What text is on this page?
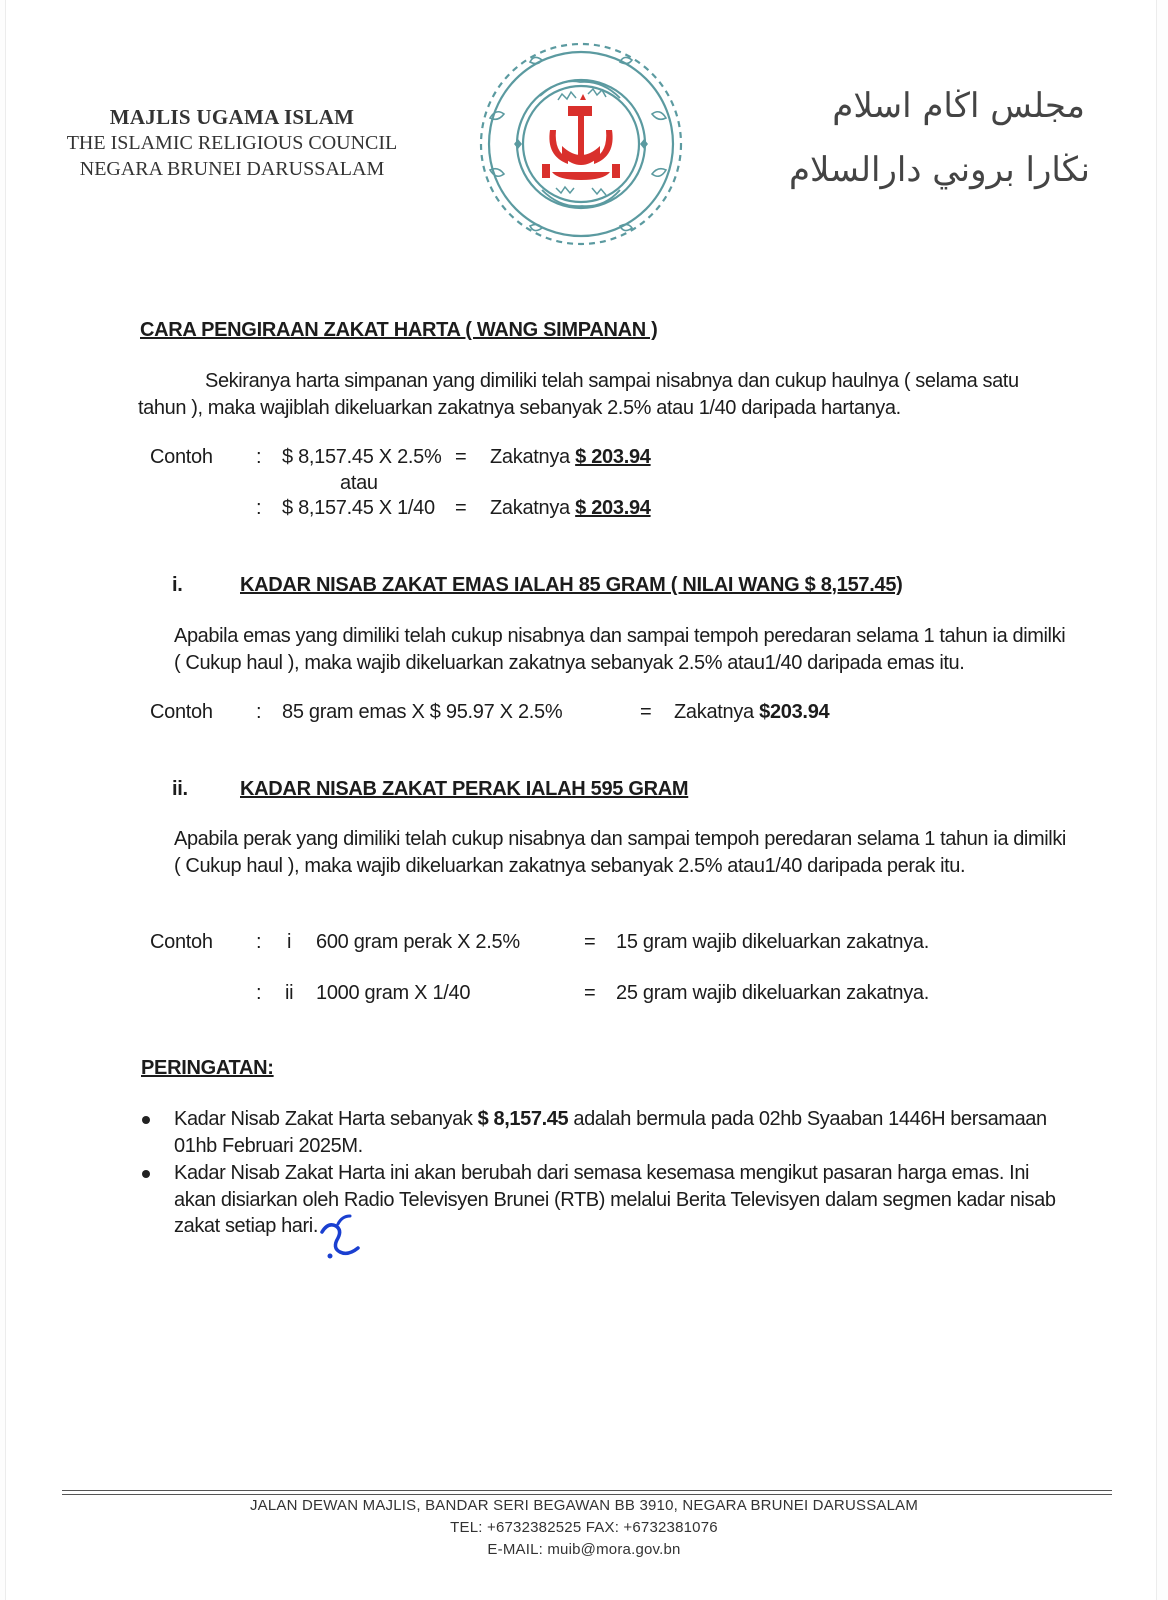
MAJLIS UGAMA ISLAM
THE ISLAMIC RELIGIOUS COUNCIL
NEGARA BRUNEI DARUSSALAM
مجلس اڬام اسلام
نڬارا بروني دارالسلام
CARA PENGIRAAN ZAKAT HARTA ( WANG SIMPANAN )
Sekiranya harta simpanan yang dimiliki telah sampai nisabnya dan cukup haulnya ( selama satu
tahun ), maka wajiblah dikeluarkan zakatnya sebanyak 2.5% atau 1/40 daripada hartanya.
Contoh : $ 8,157.45 X 2.5% = Zakatnya $ 203.94
atau
: $ 8,157.45 X 1/40 = Zakatnya $ 203.94
i.	KADAR NISAB ZAKAT EMAS IALAH 85 GRAM ( NILAI WANG $ 8,157.45)
Apabila emas yang dimiliki telah cukup nisabnya dan sampai tempoh peredaran selama 1 tahun ia dimilki
( Cukup haul ), maka wajib dikeluarkan zakatnya sebanyak 2.5% atau1/40 daripada emas itu.
Contoh : 85 gram emas X $ 95.97 X 2.5%	= Zakatnya $203.94
ii.	KADAR NISAB ZAKAT PERAK IALAH 595 GRAM
Apabila perak yang dimiliki telah cukup nisabnya dan sampai tempoh peredaran selama 1 tahun ia dimilki
( Cukup haul ), maka wajib dikeluarkan zakatnya sebanyak 2.5% atau1/40 daripada perak itu.
Contoh : i 600 gram perak X 2.5%	= 15 gram wajib dikeluarkan zakatnya.
: ii 1000 gram X 1/40	= 25 gram wajib dikeluarkan zakatnya.
PERINGATAN:
Kadar Nisab Zakat Harta sebanyak $ 8,157.45 adalah bermula pada 02hb Syaaban 1446H bersamaan
01hb Februari 2025M.
Kadar Nisab Zakat Harta ini akan berubah dari semasa kesemasa mengikut pasaran harga emas. Ini
akan disiarkan oleh Radio Televisyen Brunei (RTB) melalui Berita Televisyen dalam segmen kadar nisab
zakat setiap hari.
JALAN DEWAN MAJLIS, BANDAR SERI BEGAWAN BB 3910, NEGARA BRUNEI DARUSSALAM
TEL: +6732382525 FAX: +6732381076
E-MAIL: muib@mora.gov.bn
